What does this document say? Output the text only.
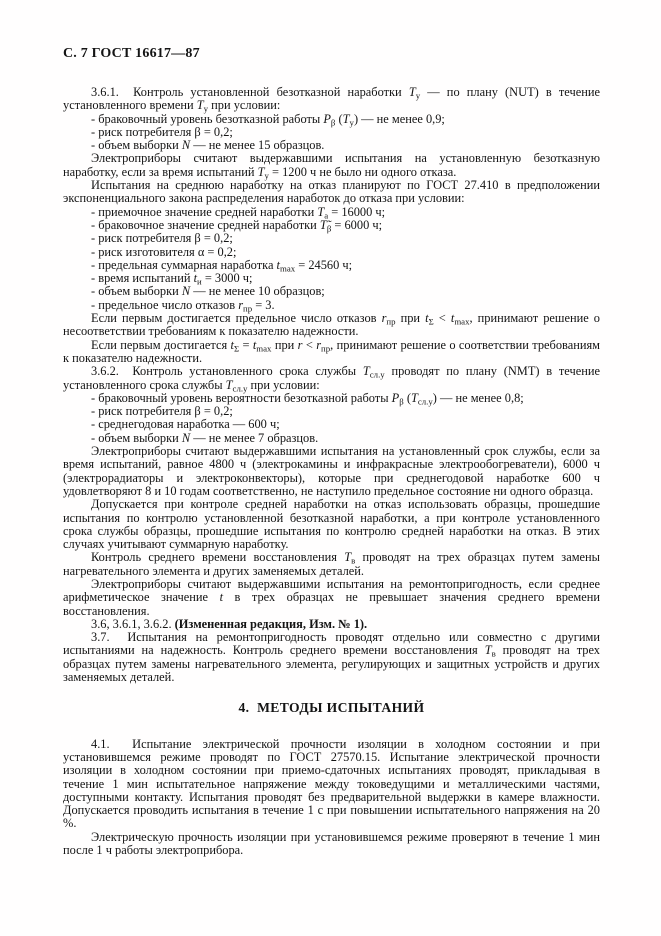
С. 7 ГОСТ 16617—87

3.6.1.  Контроль установленной безотказной наработки $Т_у$ — по плану (NUT) в течение установленного времени $Т_у$ при условии:

- браковочный уровень безотказной работы $Р_\beta$ $(Т_у)$ — не менее 0,9;

- риск потребителя β = 0,2;

- объем выборки N — не менее 15 образцов.

Электроприборы считают выдержавшими испытания на установленную безотказную наработку, если за время испытаний $Т_у = 1200$ ч не было ни одного отказа.

Испытания на среднюю наработку на отказ планируют по ГОСТ 27.410 в предположении экспоненциального закона распределения наработок до отказа при условии:

- приемочное значение средней наработки $Т_а = 16000$ ч;

- браковочное значение средней наработки $Т̃_\beta = 6000$ ч;

- риск потребителя β = 0,2;

- риск изготовителя α = 0,2;

- предельная суммарная наработка $t_{max} = 24560$ ч;

- время испытаний $t_и = 3000$ ч;

- объем выборки N — не менее 10 образцов;

- предельное число отказов $r_{пр} = 3$.

Если первым достигается предельное число отказов $r_{пр}$ при $t_\Sigma < t_{max}$, принимают решение о несоответствии требованиям к показателю надежности.

Если первым достигается $t_\Sigma = t_{max}$ при $r < r_{пр}$, принимают решение о соответствии требованиям к показателю надежности.

3.6.2.  Контроль установленного срока службы $Т_{сл.у}$ проводят по плану (NMT) в течение установленного срока службы $Т_{сл.у}$ при условии:

- браковочный уровень вероятности безотказной работы $Р_\beta$ $(Т_{сл.у})$ — не менее 0,8;

- риск потребителя β = 0,2;

- среднегодовая наработка — 600 ч;

- объем выборки N — не менее 7 образцов.

Электроприборы считают выдержавшими испытания на установленный срок службы, если за время испытаний, равное 4800 ч (электрокамины и инфракрасные электрообогреватели), 6000 ч (электрорадиаторы и электроконвекторы), которые при среднегодовой наработке 600 ч удовлетворяют 8 и 10 годам соответственно, не наступило предельное состояние ни одного образца.

Допускается при контроле средней наработки на отказ использовать образцы, прошедшие испытания по контролю установленной безотказной наработки, а при контроле установленного срока службы образцы, прошедшие испытания по контролю средней наработки на отказ. В этих случаях учитывают суммарную наработку.

Контроль среднего времени восстановления $Т_в$ проводят на трех образцах путем замены нагревательного элемента и других заменяемых деталей.

Электроприборы считают выдержавшими испытания на ремонтопригодность, если среднее арифметическое значение t в трех образцах не превышает значения среднего времени восстановления.

3.6, 3.6.1, 3.6.2. (Измененная редакция, Изм. № 1).

3.7.  Испытания на ремонтопригодность проводят отдельно или совместно с другими испытаниями на надежность. Контроль среднего времени восстановления $Т_в$ проводят на трех образцах путем замены нагревательного элемента, регулирующих и защитных устройств и других заменяемых деталей.

4.  МЕТОДЫ ИСПЫТАНИЙ

4.1.  Испытание электрической прочности изоляции в холодном состоянии и при установившемся режиме проводят по ГОСТ 27570.15. Испытание электрической прочности изоляции в холодном состоянии при приемо-сдаточных испытаниях проводят, прикладывая в течение 1 мин испытательное напряжение между токоведущими и металлическими частями, доступными контакту. Испытания проводят без предварительной выдержки в камере влажности. Допускается проводить испытания в течение 1 с при повышении испытательного напряжения на 20 %.

Электрическую прочность изоляции при установившемся режиме проверяют в течение 1 мин после 1 ч работы электроприбора.
